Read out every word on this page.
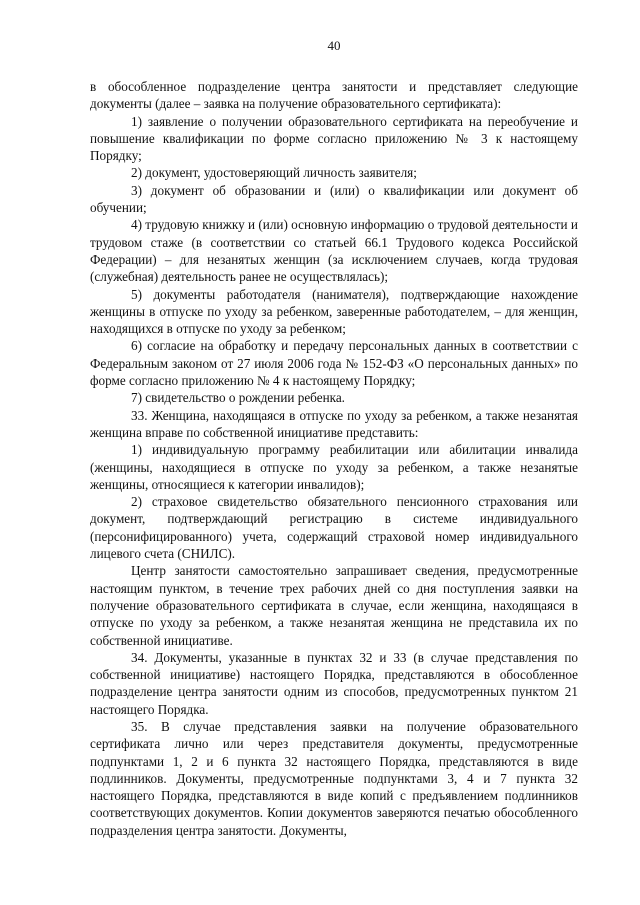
40

в обособленное подразделение центра занятости и представляет следующие документы (далее – заявка на получение образовательного сертификата):

1) заявление о получении образовательного сертификата на переобучение и повышение квалификации по форме согласно приложению № 3 к настоящему Порядку;

2) документ, удостоверяющий личность заявителя;

3) документ об образовании и (или) о квалификации или документ об обучении;

4) трудовую книжку и (или) основную информацию о трудовой деятельности и трудовом стаже (в соответствии со статьей 66.1 Трудового кодекса Российской Федерации) – для незанятых женщин (за исключением случаев, когда трудовая (служебная) деятельность ранее не осуществлялась);

5) документы работодателя (нанимателя), подтверждающие нахождение женщины в отпуске по уходу за ребенком, заверенные работодателем, – для женщин, находящихся в отпуске по уходу за ребенком;

6) согласие на обработку и передачу персональных данных в соответствии с Федеральным законом от 27 июля 2006 года № 152-ФЗ «О персональных данных» по форме согласно приложению № 4 к настоящему Порядку;

7) свидетельство о рождении ребенка.

33. Женщина, находящаяся в отпуске по уходу за ребенком, а также незанятая женщина вправе по собственной инициативе представить:

1) индивидуальную программу реабилитации или абилитации инвалида (женщины, находящиеся в отпуске по уходу за ребенком, а также незанятые женщины, относящиеся к категории инвалидов);

2) страховое свидетельство обязательного пенсионного страхования или документ, подтверждающий регистрацию в системе индивидуального (персонифицированного) учета, содержащий страховой номер индивидуального лицевого счета (СНИЛС).

Центр занятости самостоятельно запрашивает сведения, предусмотренные настоящим пунктом, в течение трех рабочих дней со дня поступления заявки на получение образовательного сертификата в случае, если женщина, находящаяся в отпуске по уходу за ребенком, а также незанятая женщина не представила их по собственной инициативе.

34. Документы, указанные в пунктах 32 и 33 (в случае представления по собственной инициативе) настоящего Порядка, представляются в обособленное подразделение центра занятости одним из способов, предусмотренных пунктом 21 настоящего Порядка.

35. В случае представления заявки на получение образовательного сертификата лично или через представителя документы, предусмотренные подпунктами 1, 2 и 6 пункта 32 настоящего Порядка, представляются в виде подлинников. Документы, предусмотренные подпунктами 3, 4 и 7 пункта 32 настоящего Порядка, представляются в виде копий с предъявлением подлинников соответствующих документов. Копии документов заверяются печатью обособленного подразделения центра занятости. Документы,
